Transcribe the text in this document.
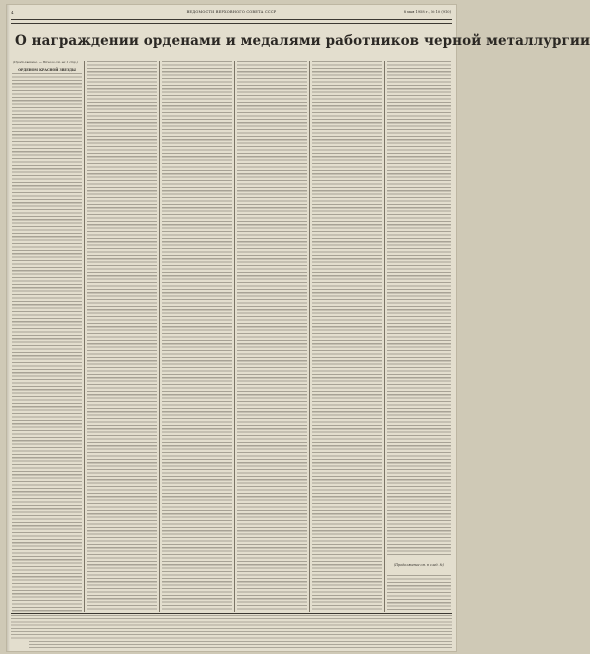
4	ВЕДОМОСТИ ВЕРХОВНОГО СОВЕТА СССР	8 мая 1958 г., № 10 (910)
О награждении орденами и медалями работников черной металлургии
(Продолжение. — Начало см. на 1 стр.)
ОРДЕНОМ КРАСНОЙ ЗВЕЗДЫ
(Продолжение см. в след. №)
